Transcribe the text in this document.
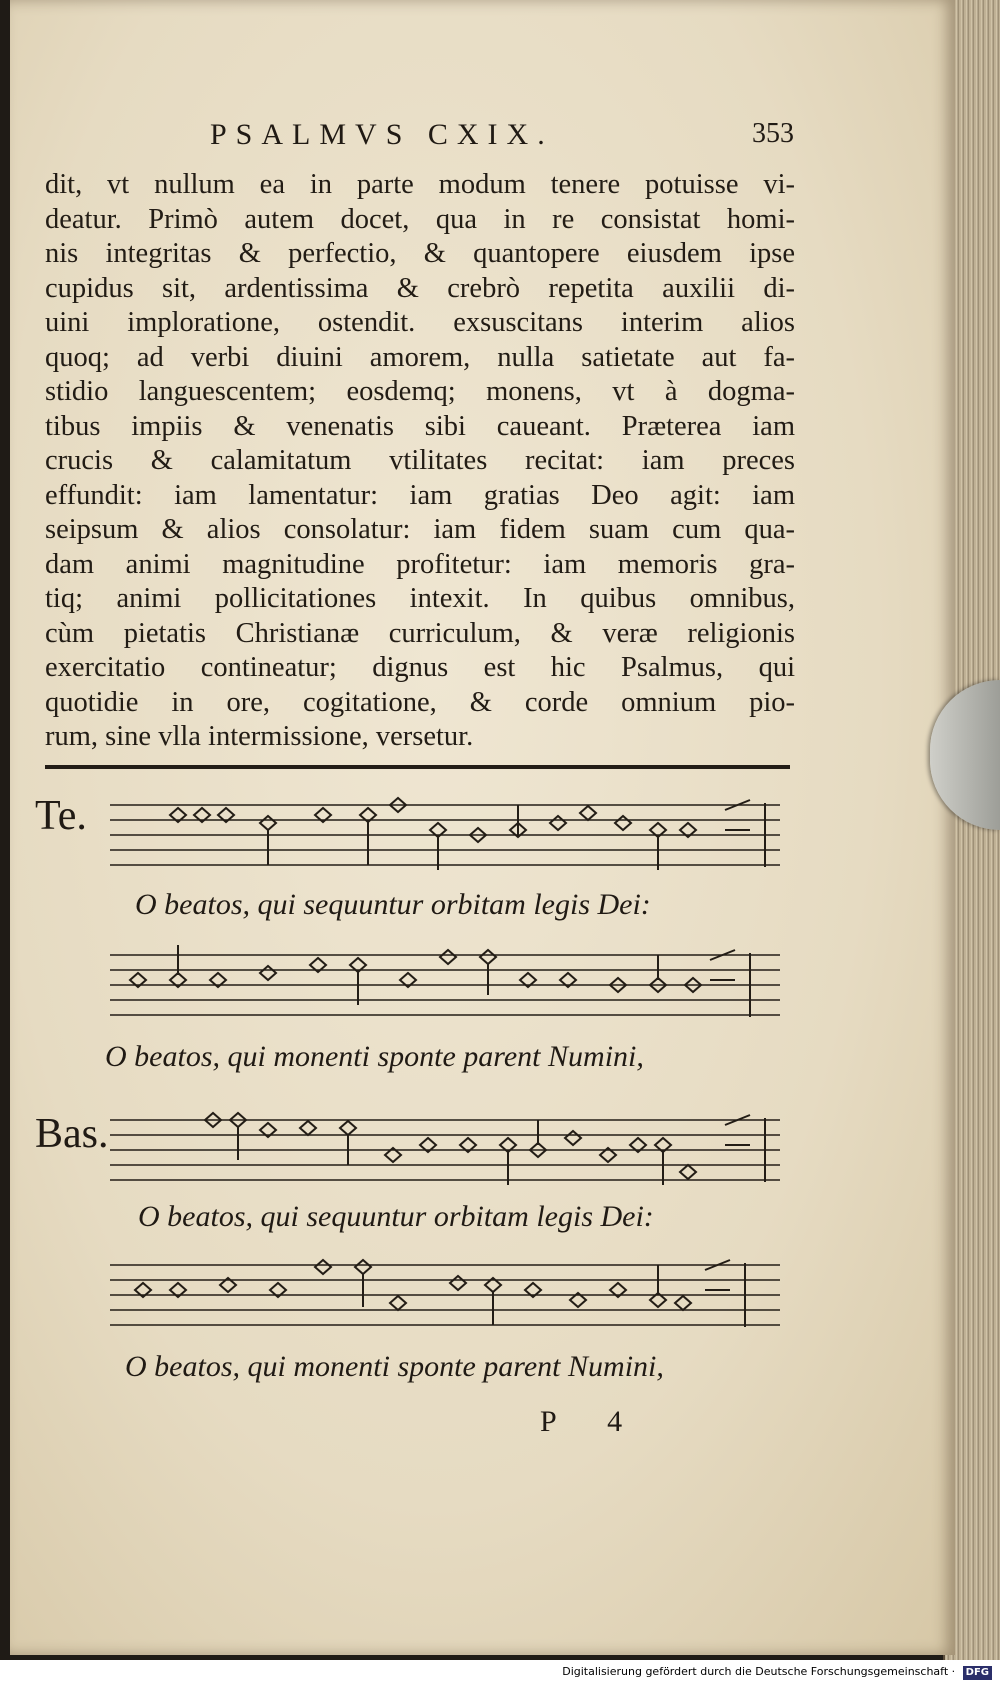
PSALMVS CXIX.	353
dit, vt nullum ea in parte modum tenere potuisse vi-
deatur. Primò autem docet, qua in re consistat homi-
nis integritas & perfectio, & quantopere eiusdem ipse
cupidus sit, ardentissima & crebrò repetita auxilii di-
uini imploratione, ostendit. exsuscitans interim alios
quoq; ad verbi diuini amorem, nulla satietate aut fa-
stidio languescentem; eosdemq; monens, vt à dogma-
tibus impiis & venenatis sibi caueant. Præterea iam
crucis & calamitatum vtilitates recitat: iam preces
effundit: iam lamentatur: iam gratias Deo agit: iam
seipsum & alios consolatur: iam fidem suam cum qua-
dam animi magnitudine profitetur: iam memoris gra-
tiq; animi pollicitationes intexit. In quibus omnibus,
cùm pietatis Christianæ curriculum, & veræ religionis
exercitatio contineatur; dignus est hic Psalmus, qui
quotidie in ore, cogitatione, & corde omnium pio-
rum, sine vlla intermissione, versetur.
Te.
O beatos, qui sequuntur orbitam legis Dei:
O beatos, qui monenti sponte parent Numini,
Bas.
O beatos, qui sequuntur orbitam legis Dei:
O beatos, qui monenti sponte parent Numini,
P 4
Digitalisierung gefördert durch die Deutsche Forschungsgemeinschaft · DFG
